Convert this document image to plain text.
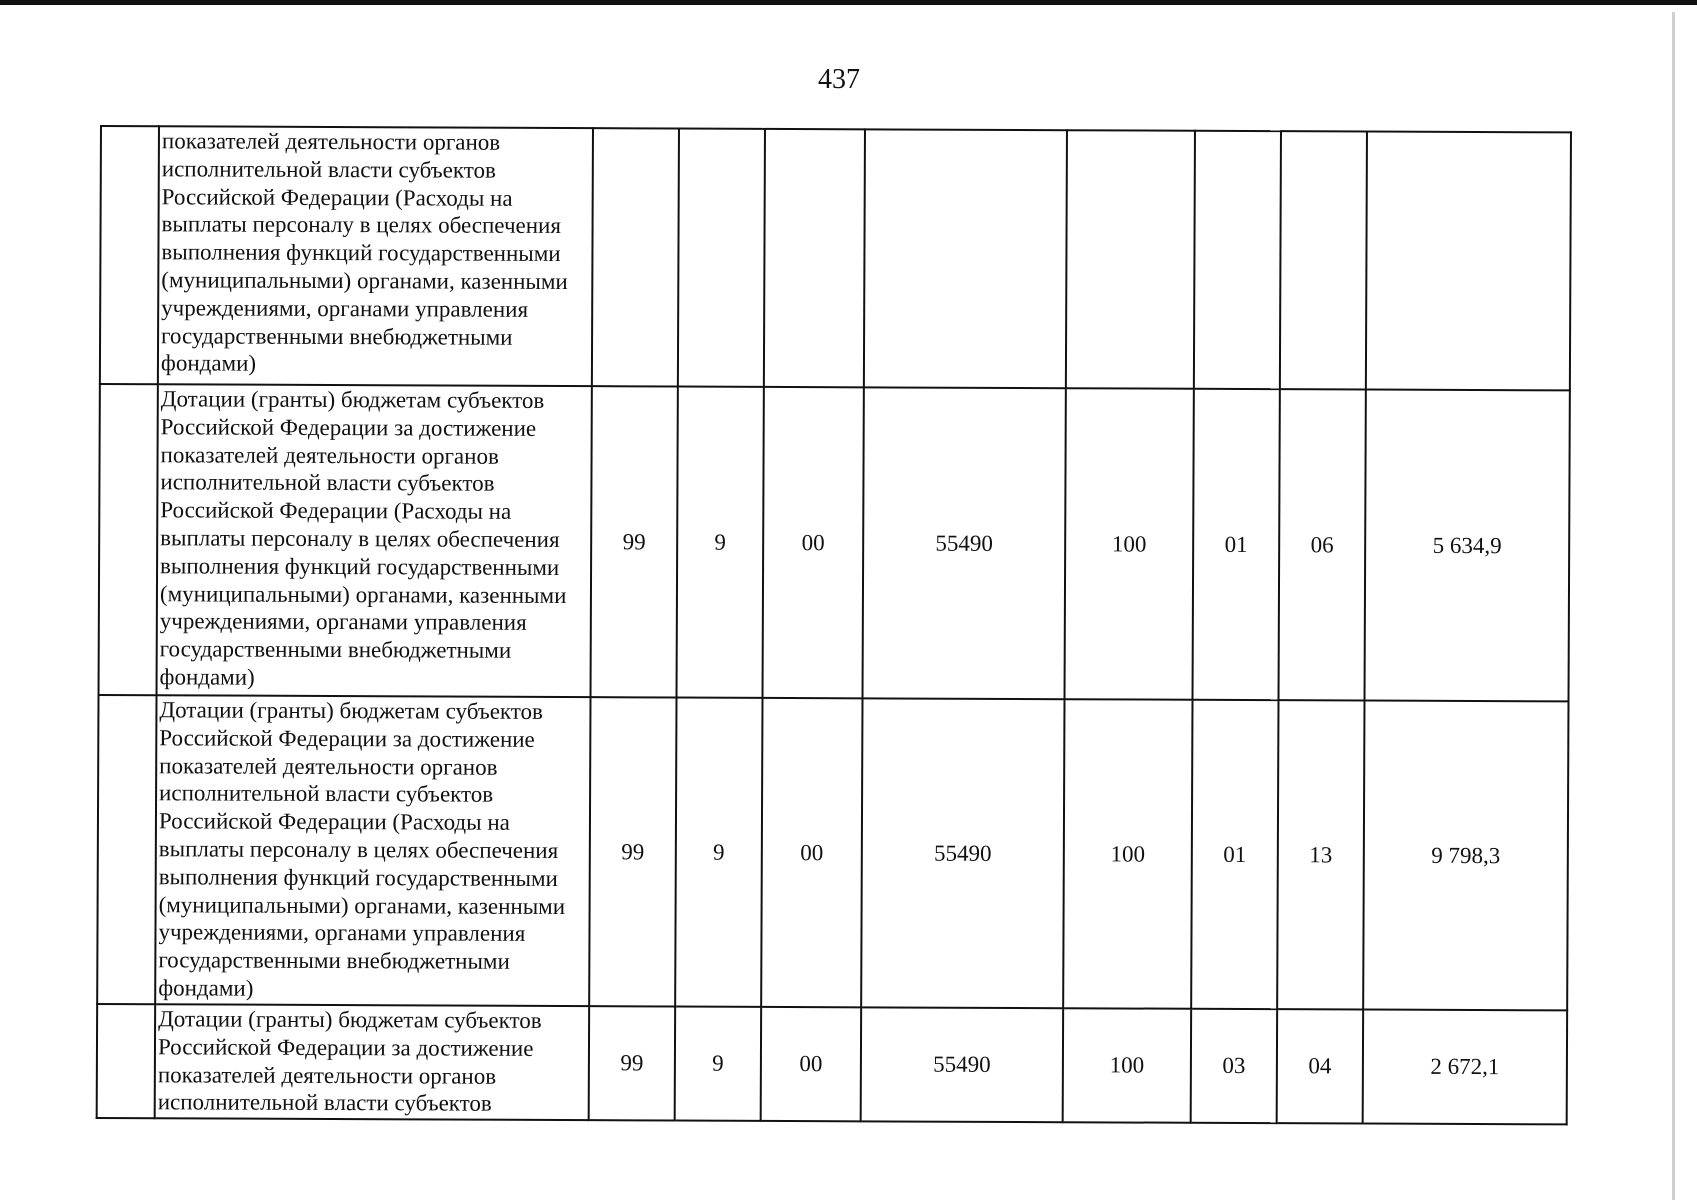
437
	показателей деятельности органов исполнительной власти субъектов Российской Федерации (Расходы на выплаты персоналу в целях обеспечения выполнения функций государственными (муниципальными) органами, казенными учреждениями, органами управления государственными внебюджетными фондами)								
	Дотации (гранты) бюджетам субъектов Российской Федерации за достижение показателей деятельности органов исполнительной власти субъектов Российской Федерации (Расходы на выплаты персоналу в целях обеспечения выполнения функций государственными (муниципальными) органами, казенными учреждениями, органами управления государственными внебюджетными фондами)	99	9	00	55490	100	01	06	5 634,9
	Дотации (гранты) бюджетам субъектов Российской Федерации за достижение показателей деятельности органов исполнительной власти субъектов Российской Федерации (Расходы на выплаты персоналу в целях обеспечения выполнения функций государственными (муниципальными) органами, казенными учреждениями, органами управления государственными внебюджетными фондами)	99	9	00	55490	100	01	13	9 798,3
	Дотации (гранты) бюджетам субъектов Российской Федерации за достижение показателей деятельности органов исполнительной власти субъектов	99	9	00	55490	100	03	04	2 672,1
